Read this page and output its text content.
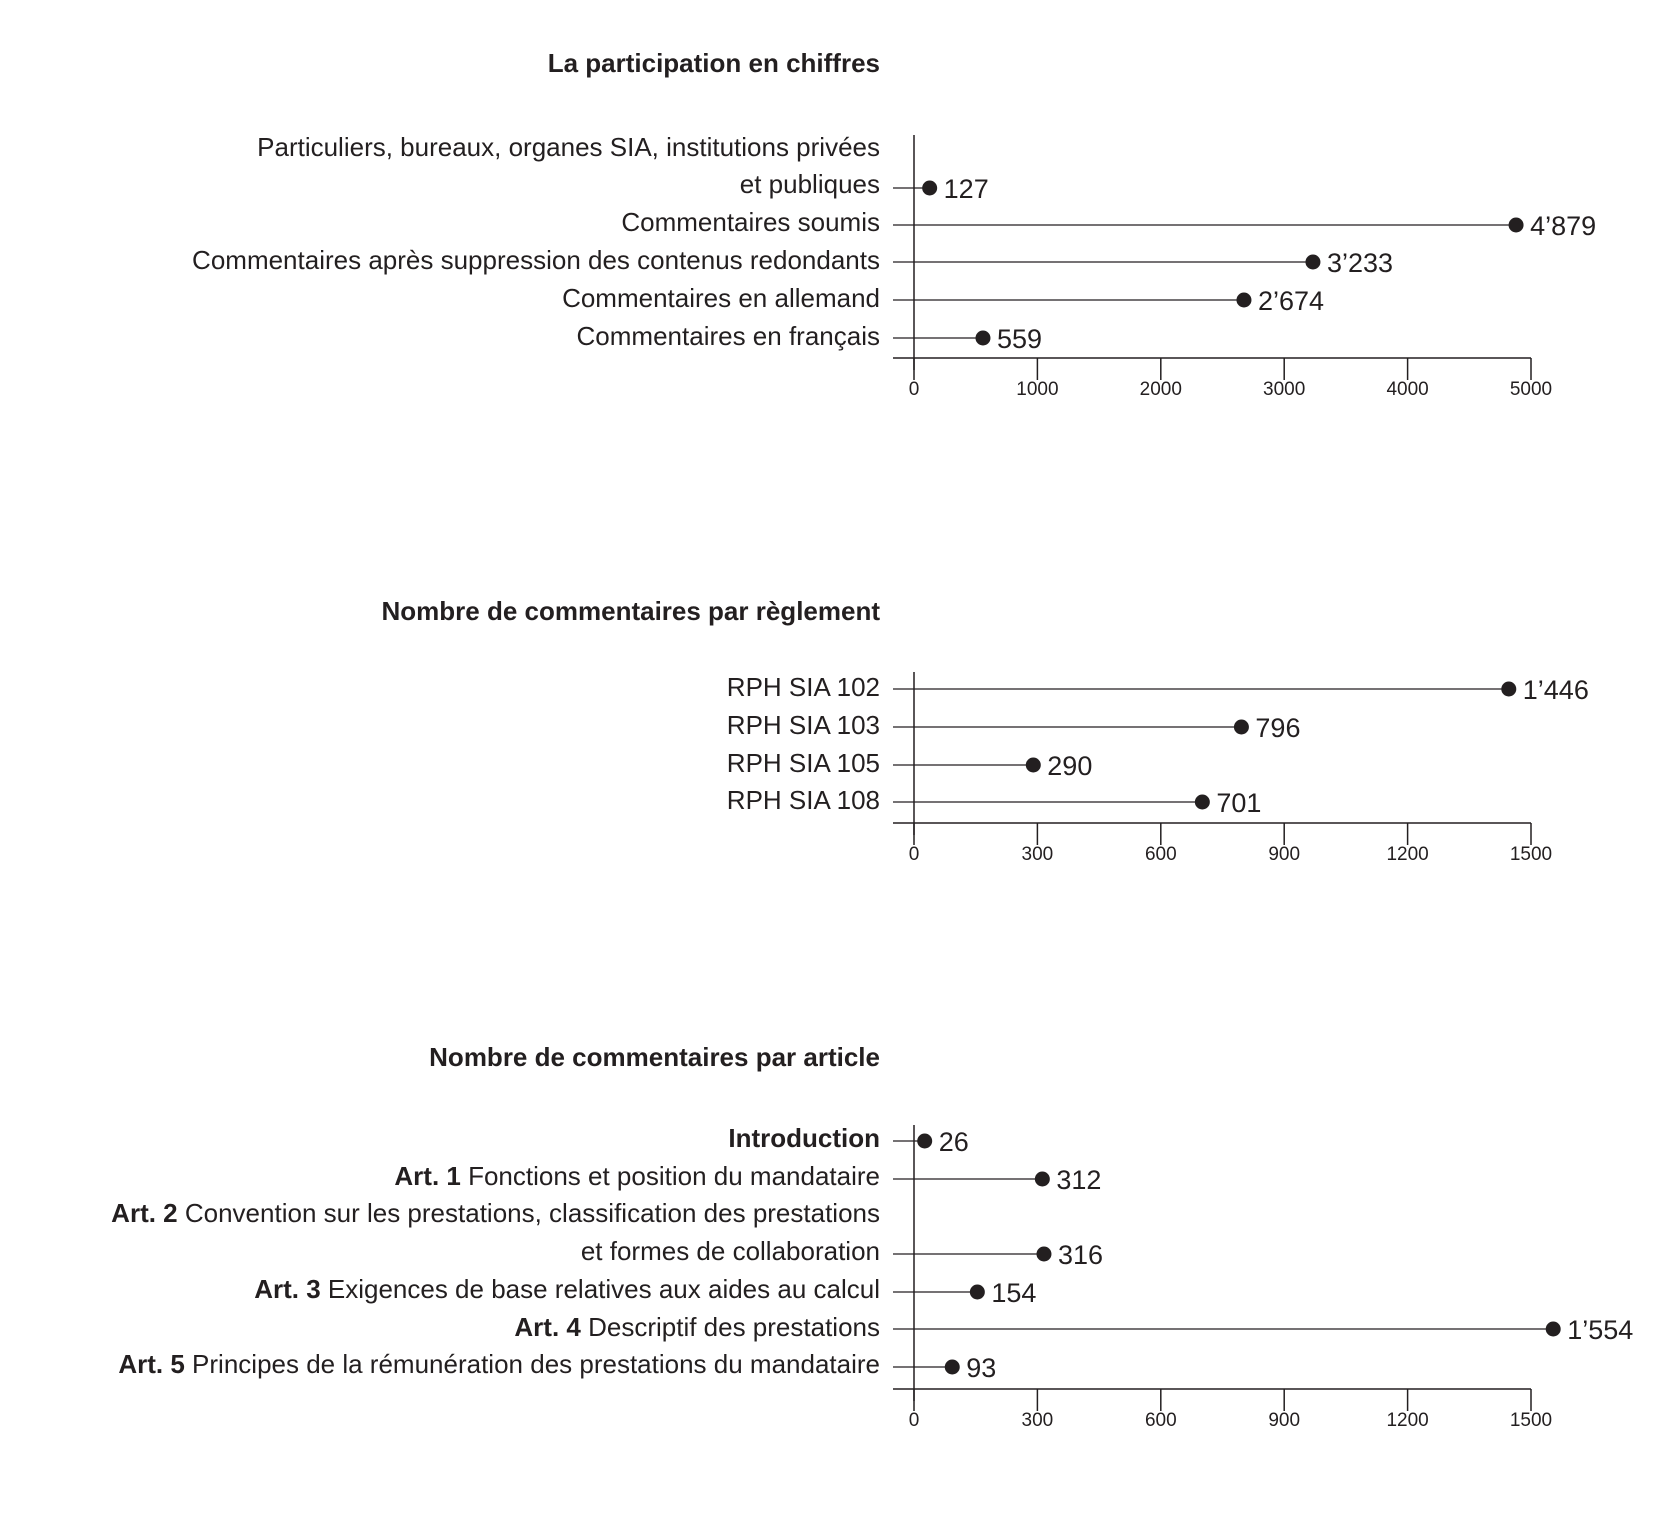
La participation en chiffres
Particuliers, bureaux, organes SIA, institutions privées
et publiques
Commentaires soumis
Commentaires après suppression des contenus redondants
Commentaires en allemand
Commentaires en français
Nombre de commentaires par règlement
RPH SIA 102
RPH SIA 103
RPH SIA 105
RPH SIA 108
Nombre de commentaires par article
Introduction
Art. 1 Fonctions et position du mandataire
Art. 2 Convention sur les prestations, classification des prestations
et formes de collaboration
Art. 3 Exigences de base relatives aux aides au calcul
Art. 4 Descriptif des prestations
Art. 5 Principes de la rémunération des prestations du mandataire
0	1000	2000	3000	4000	5000
127
4’879
3’233
2’674
559
0	300	600	900	1200	1500
1’446
796
290
701
0	300	600	900	1200	1500
26
312
316
154
1’554
93
